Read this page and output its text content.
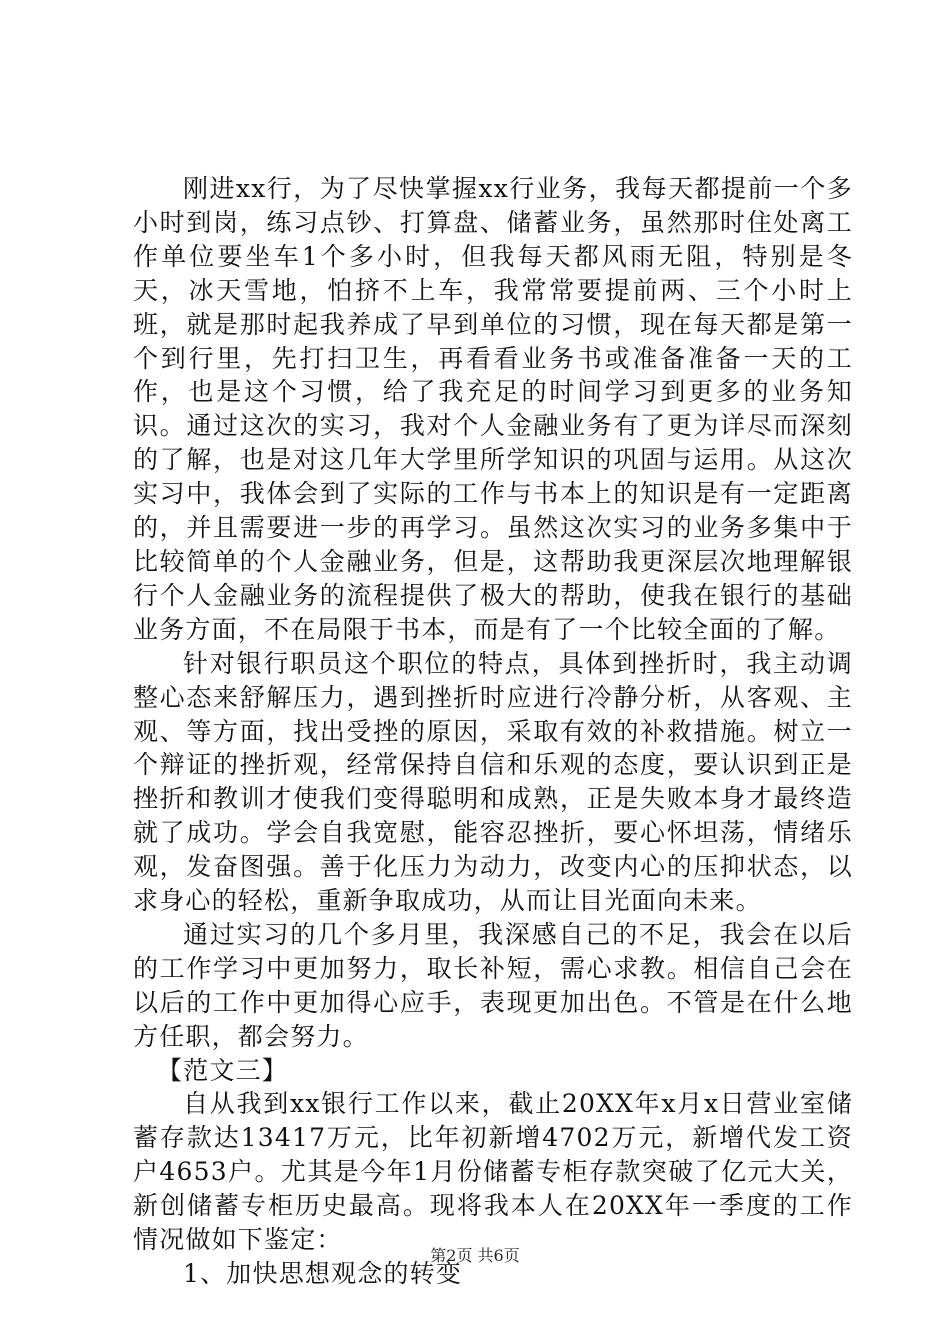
刚进xx行，为了尽快掌握xx行业务，我每天都提前一个多小时到岗，练习点钞、打算盘、储蓄业务，虽然那时住处离工作单位要坐车1个多小时，但我每天都风雨无阻，特别是冬天，冰天雪地，怕挤不上车，我常常要提前两、三个小时上班，就是那时起我养成了早到单位的习惯，现在每天都是第一个到行里，先打扫卫生，再看看业务书或准备准备一天的工作，也是这个习惯，给了我充足的时间学习到更多的业务知识。通过这次的实习，我对个人金融业务有了更为详尽而深刻的了解，也是对这几年大学里所学知识的巩固与运用。从这次实习中，我体会到了实际的工作与书本上的知识是有一定距离的，并且需要进一步的再学习。虽然这次实习的业务多集中于比较简单的个人金融业务，但是，这帮助我更深层次地理解银行个人金融业务的流程提供了极大的帮助，使我在银行的基础业务方面，不在局限于书本，而是有了一个比较全面的了解。

针对银行职员这个职位的特点，具体到挫折时，我主动调整心态来舒解压力，遇到挫折时应进行冷静分析，从客观、主观、等方面，找出受挫的原因，采取有效的补救措施。树立一个辩证的挫折观，经常保持自信和乐观的态度，要认识到正是挫折和教训才使我们变得聪明和成熟，正是失败本身才最终造就了成功。学会自我宽慰，能容忍挫折，要心怀坦荡，情绪乐观，发奋图强。善于化压力为动力，改变内心的压抑状态，以求身心的轻松，重新争取成功，从而让目光面向未来。

通过实习的几个多月里，我深感自己的不足，我会在以后的工作学习中更加努力，取长补短，需心求教。相信自己会在以后的工作中更加得心应手，表现更加出色。不管是在什么地方任职，都会努力。

【范文三】

自从我到xx银行工作以来，截止20XX年x月x日营业室储蓄存款达13417万元，比年初新增4702万元，新增代发工资户4653户。尤其是今年1月份储蓄专柜存款突破了亿元大关，新创储蓄专柜历史最高。现将我本人在20XX年一季度的工作情况做如下鉴定：

1、加快思想观念的转变

第2页 共6页
